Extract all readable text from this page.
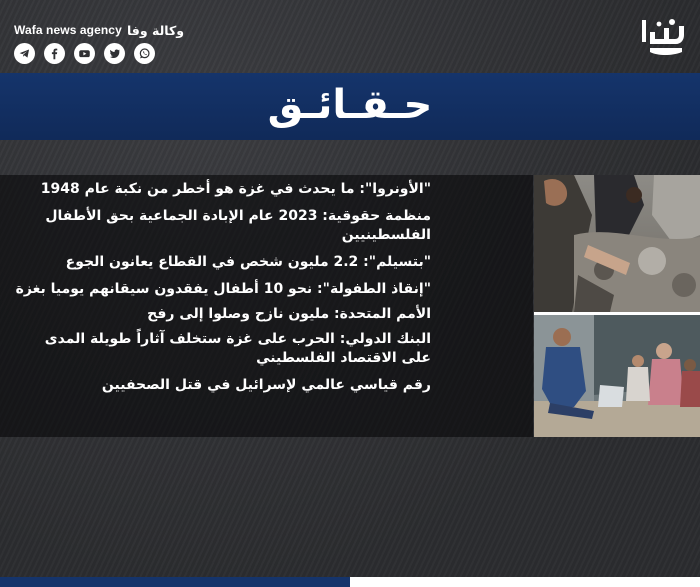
Wafa news agency وكالة وفا
حـقـائـق
"الأونروا": ما يحدث في غزة هو أخطر من نكبة عام 1948
منظمة حقوقية: 2023 عام الإبادة الجماعية بحق الأطفال الفلسطينيين
"بتسيلم": 2.2 مليون شخص في القطاع يعانون الجوع
"إنقاذ الطفولة": نحو 10 أطفال يفقدون سيقانهم يوميا بغزة
الأمم المتحدة: مليون نازح وصلوا إلى رفح
البنك الدولي: الحرب على غزة ستخلف آثاراً طويلة المدى على الاقتصاد الفلسطيني
رقم قياسي عالمي لإسرائيل في قتل الصحفيين
